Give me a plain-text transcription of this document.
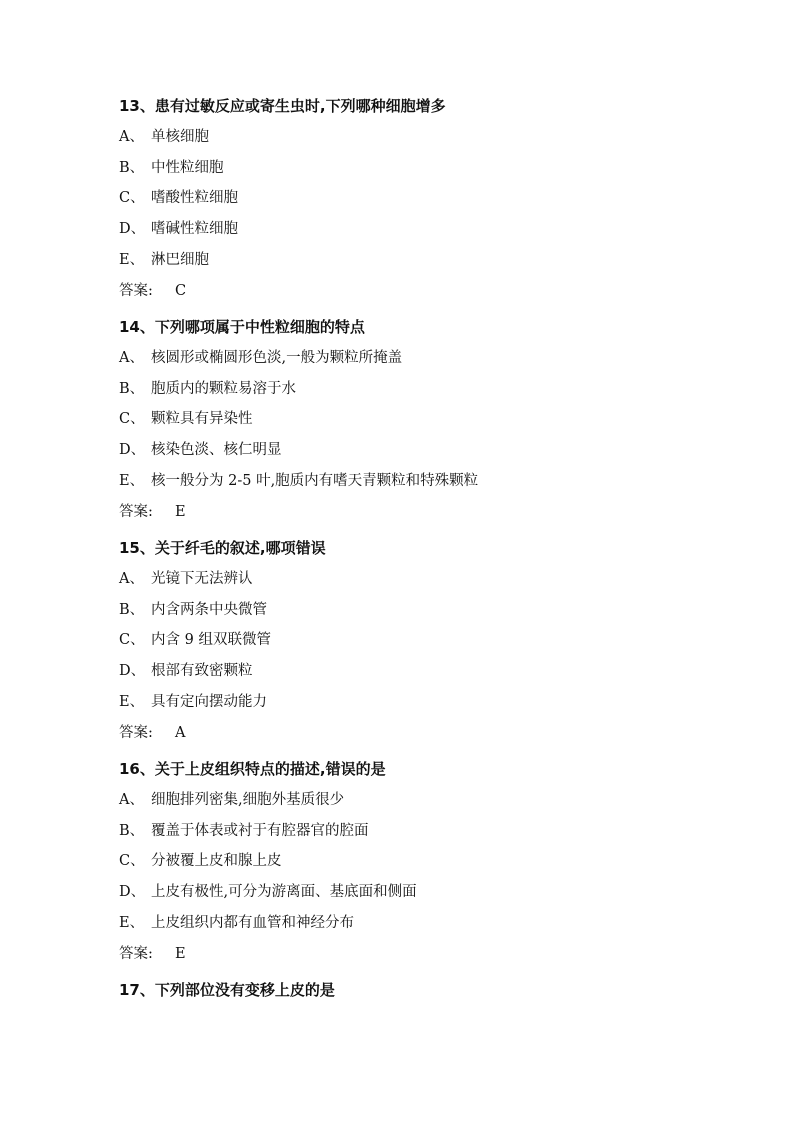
13、患有过敏反应或寄生虫时,下列哪种细胞增多
A、 单核细胞
B、 中性粒细胞
C、 嗜酸性粒细胞
D、 嗜碱性粒细胞
E、 淋巴细胞
答案: C
14、下列哪项属于中性粒细胞的特点
A、 核圆形或椭圆形色淡,一般为颗粒所掩盖
B、 胞质内的颗粒易溶于水
C、 颗粒具有异染性
D、 核染色淡、核仁明显
E、 核一般分为 2-5 叶,胞质内有嗜天青颗粒和特殊颗粒
答案: E
15、关于纤毛的叙述,哪项错误
A、 光镜下无法辨认
B、 内含两条中央微管
C、 内含 9 组双联微管
D、 根部有致密颗粒
E、 具有定向摆动能力
答案: A
16、关于上皮组织特点的描述,错误的是
A、 细胞排列密集,细胞外基质很少
B、 覆盖于体表或衬于有腔器官的腔面
C、 分被覆上皮和腺上皮
D、 上皮有极性,可分为游离面、基底面和侧面
E、 上皮组织内都有血管和神经分布
答案: E
17、下列部位没有变移上皮的是
